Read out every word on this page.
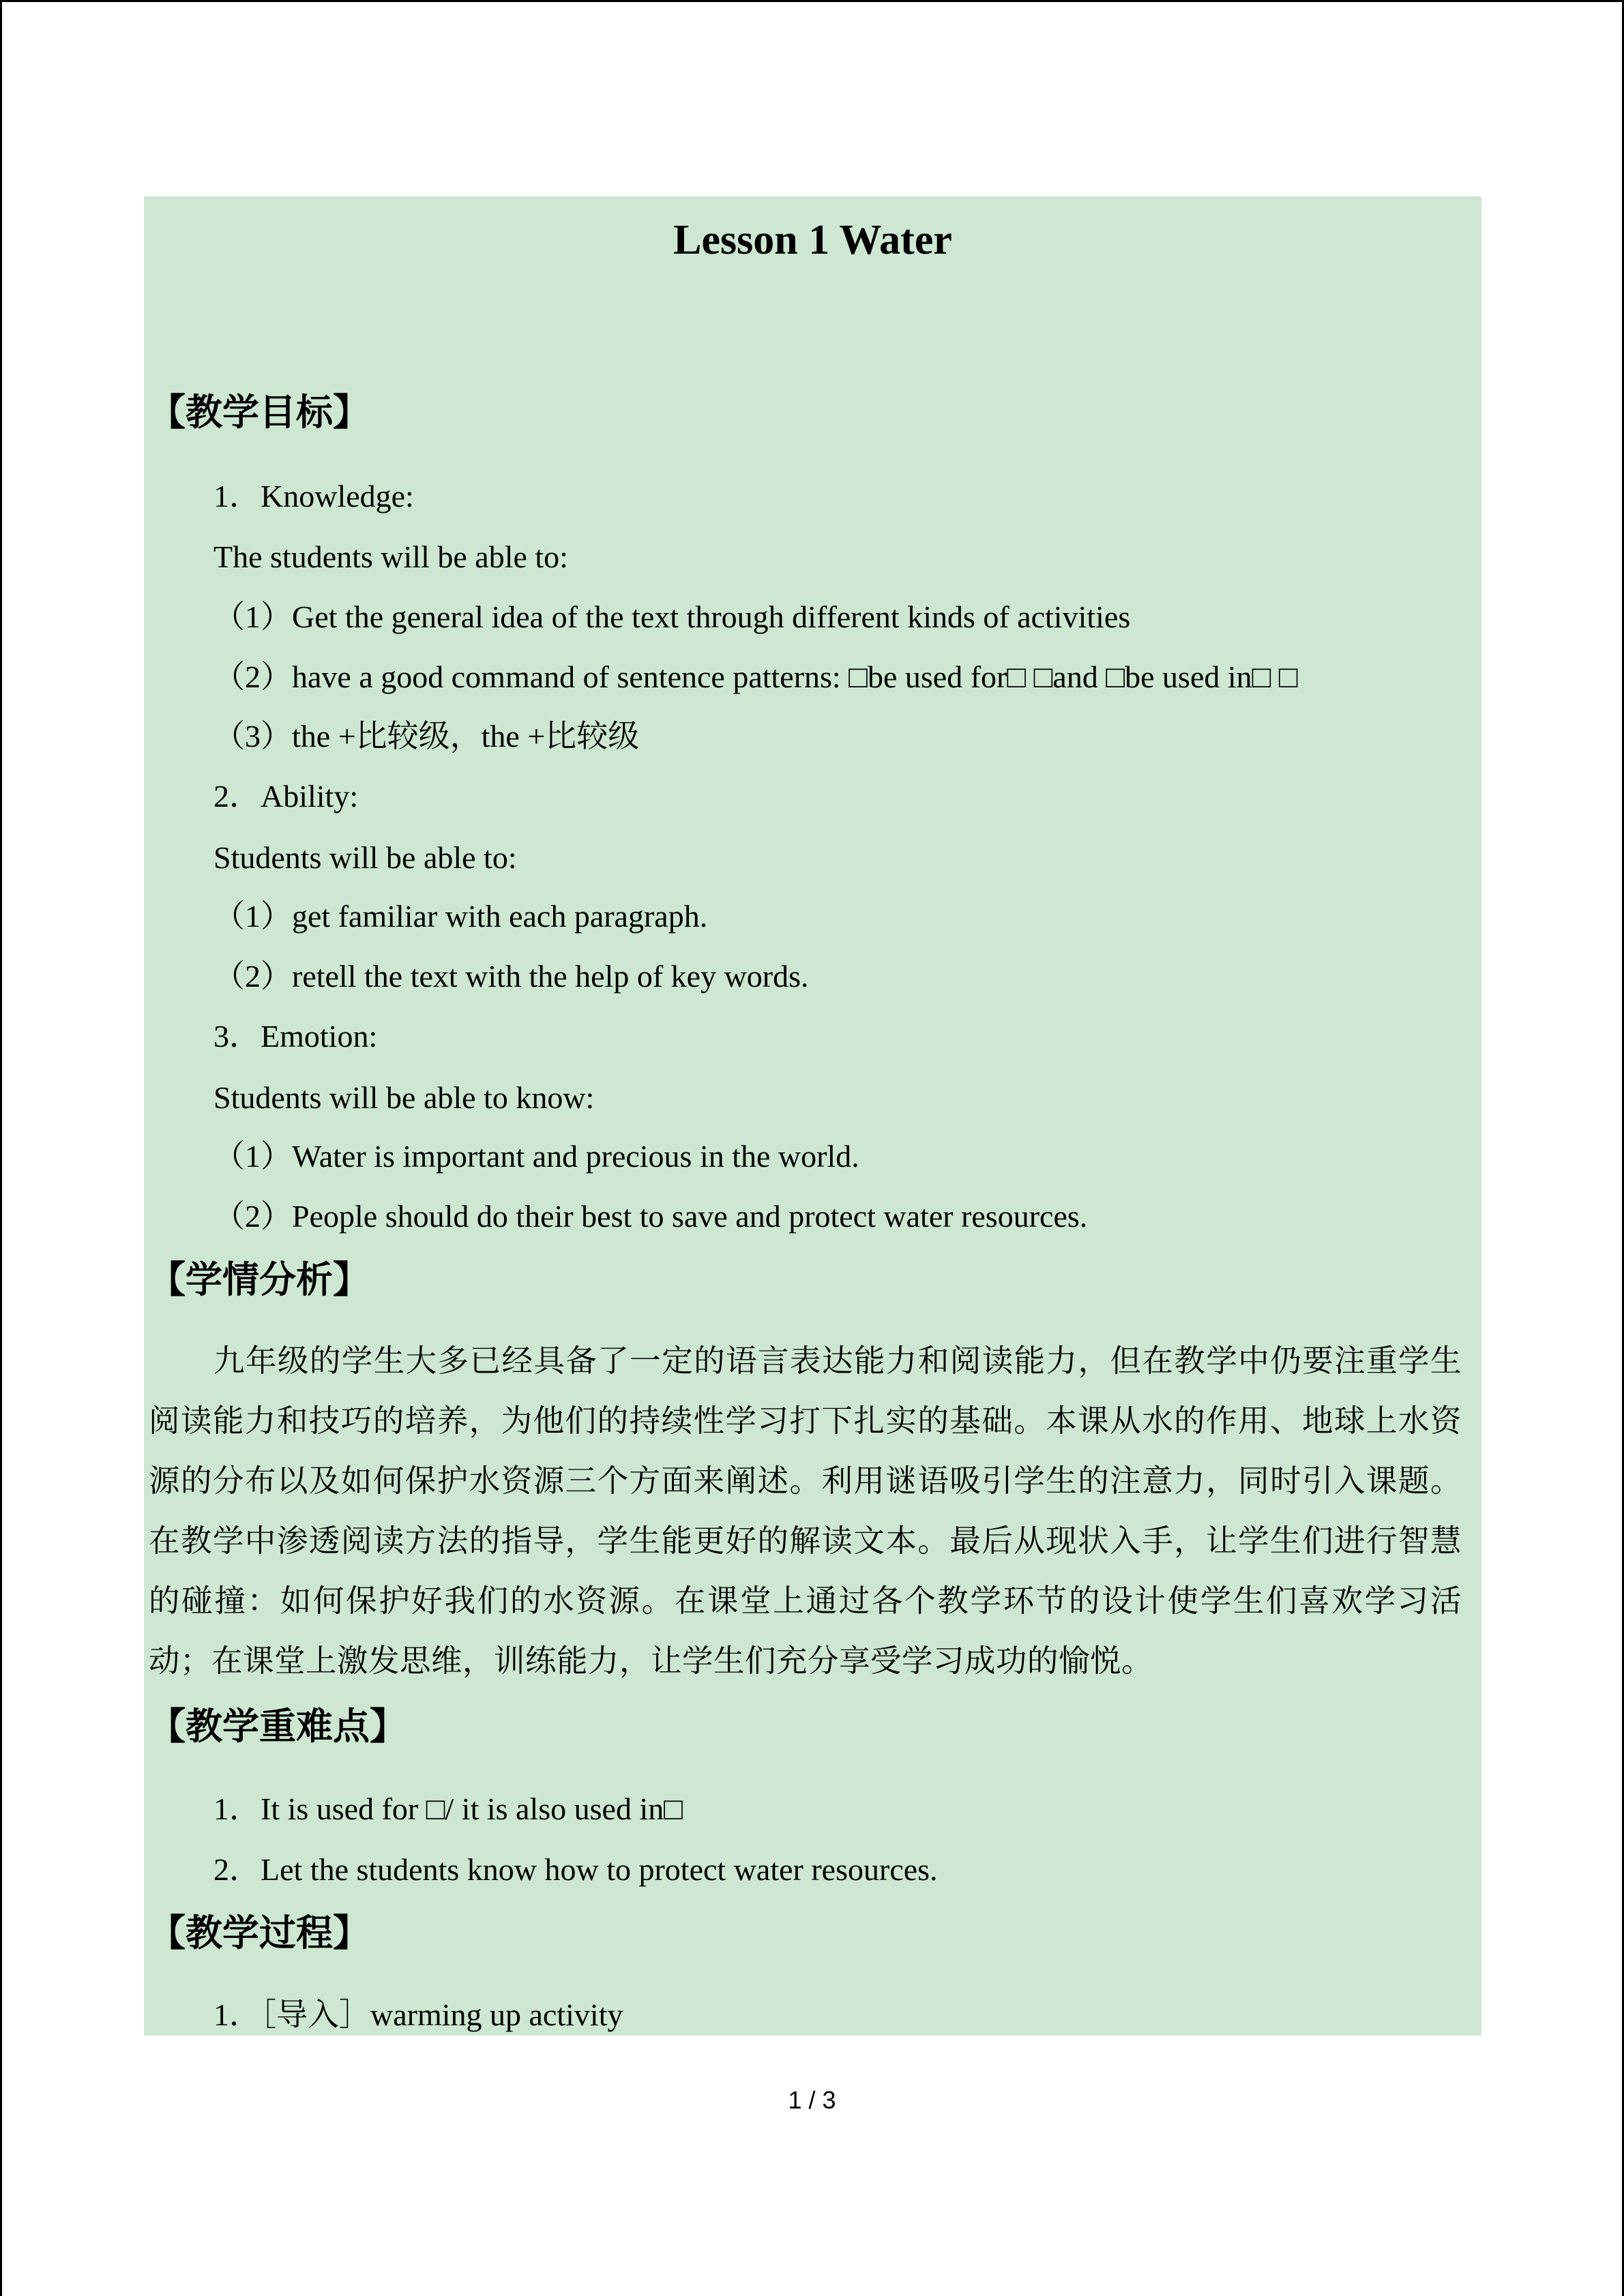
Lesson 1 Water
【教学目标】
1．Knowledge:
The students will be able to:
（1）Get the general idea of the text through different kinds of activities
（2）have a good command of sentence patterns: □be used for□ □and □be used in□ □
（3）the +比较级，the +比较级
2．Ability:
Students will be able to:
（1）get familiar with each paragraph.
（2）retell the text with the help of key words.
3．Emotion:
Students will be able to know:
（1）Water is important and precious in the world.
（2）People should do their best to save and protect water resources.
【学情分析】
九年级的学生大多已经具备了一定的语言表达能力和阅读能力，但在教学中仍要注重学生阅读能力和技巧的培养，为他们的持续性学习打下扎实的基础。本课从水的作用、地球上水资源的分布以及如何保护水资源三个方面来阐述。利用谜语吸引学生的注意力，同时引入课题。在教学中渗透阅读方法的指导，学生能更好的解读文本。最后从现状入手，让学生们进行智慧的碰撞：如何保护好我们的水资源。在课堂上通过各个教学环节的设计使学生们喜欢学习活动；在课堂上激发思维，训练能力，让学生们充分享受学习成功的愉悦。
【教学重难点】
1．It is used for □/ it is also used in□
2．Let the students know how to protect water resources.
【教学过程】
1．［导入］warming up activity
1 / 3
